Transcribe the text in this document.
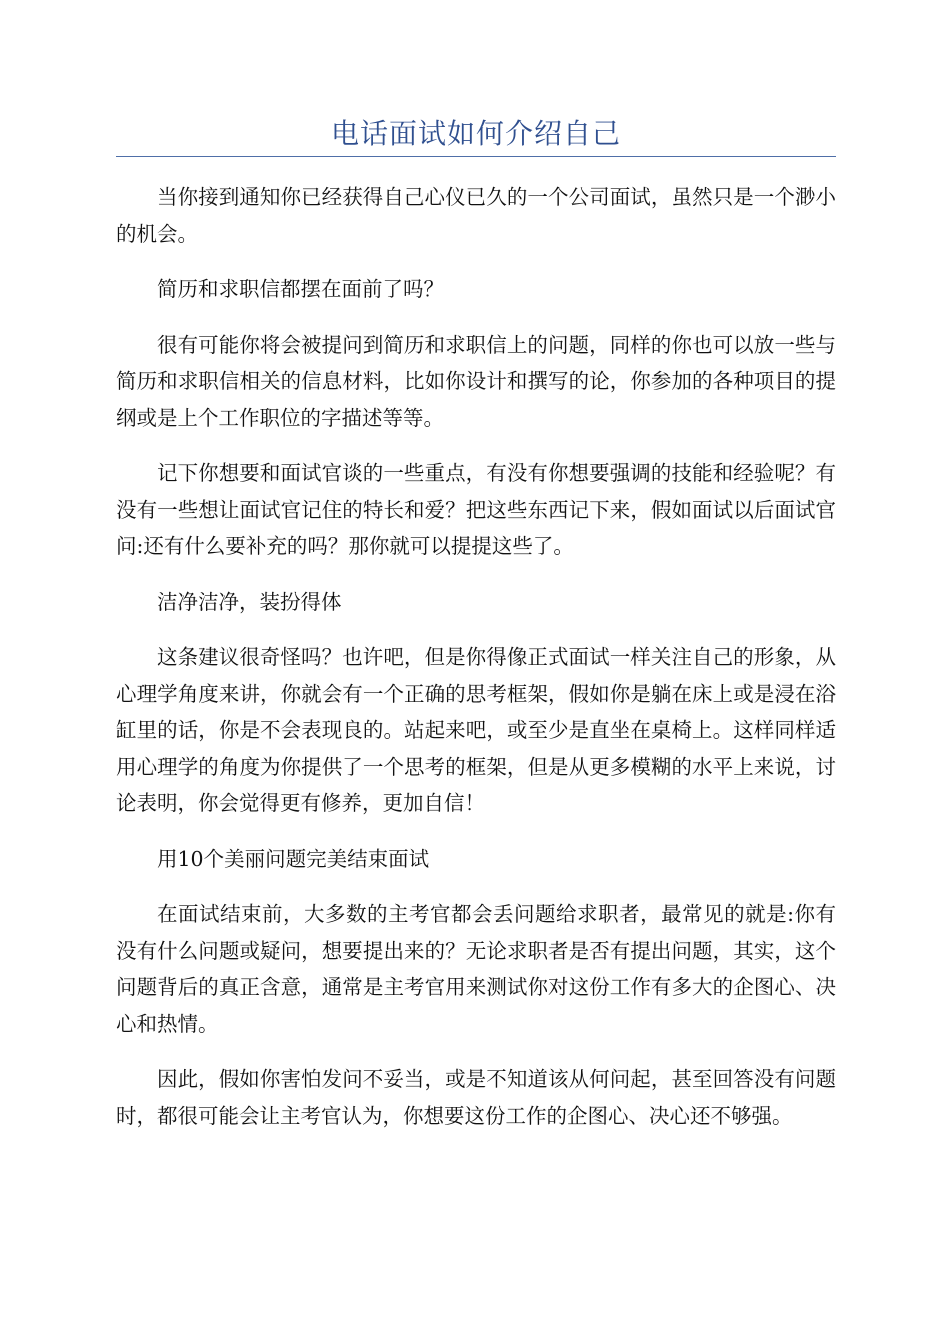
电话面试如何介绍自己

当你接到通知你已经获得自己心仪已久的一个公司面试，虽然只是一个渺小的机会。

简历和求职信都摆在面前了吗？

很有可能你将会被提问到简历和求职信上的问题，同样的你也可以放一些与简历和求职信相关的信息材料，比如你设计和撰写的论，你参加的各种项目的提纲或是上个工作职位的字描述等等。

记下你想要和面试官谈的一些重点，有没有你想要强调的技能和经验呢？有没有一些想让面试官记住的特长和爱？把这些东西记下来，假如面试以后面试官问:还有什么要补充的吗？那你就可以提提这些了。

洁净洁净，装扮得体

这条建议很奇怪吗？也许吧，但是你得像正式面试一样关注自己的形象，从心理学角度来讲，你就会有一个正确的思考框架，假如你是躺在床上或是浸在浴缸里的话，你是不会表现良的。站起来吧，或至少是直坐在桌椅上。这样同样适用心理学的角度为你提供了一个思考的框架，但是从更多模糊的水平上来说，讨论表明，你会觉得更有修养，更加自信！

用10个美丽问题完美结束面试

在面试结束前，大多数的主考官都会丢问题给求职者，最常见的就是:你有没有什么问题或疑问，想要提出来的？无论求职者是否有提出问题，其实，这个问题背后的真正含意，通常是主考官用来测试你对这份工作有多大的企图心、决心和热情。

因此，假如你害怕发问不妥当，或是不知道该从何问起，甚至回答没有问题时，都很可能会让主考官认为，你想要这份工作的企图心、决心还不够强。
